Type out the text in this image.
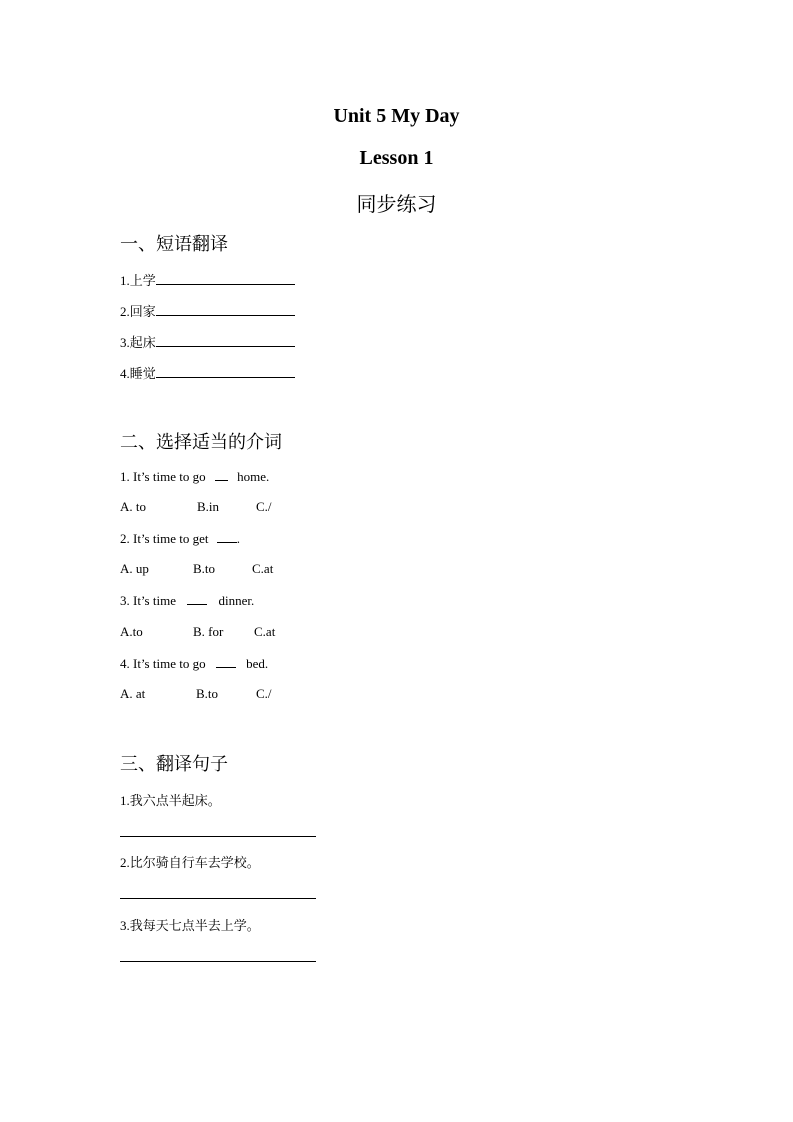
Unit 5 My Day
Lesson 1
同步练习
一、短语翻译
1.上学
2.回家
3.起床
4.睡觉
二、选择适当的介词
1. It’s time to go home.
A. to	B.in	C./
2. It’s time to get .
A. up	B.to	C.at
3. It’s time	dinner.
A.to	B. for C.at
4. It’s time to go	bed.
A. at	B.to	C./
三、翻译句子
1.我六点半起床。
2.比尔骑自行车去学校。
3.我每天七点半去上学。
